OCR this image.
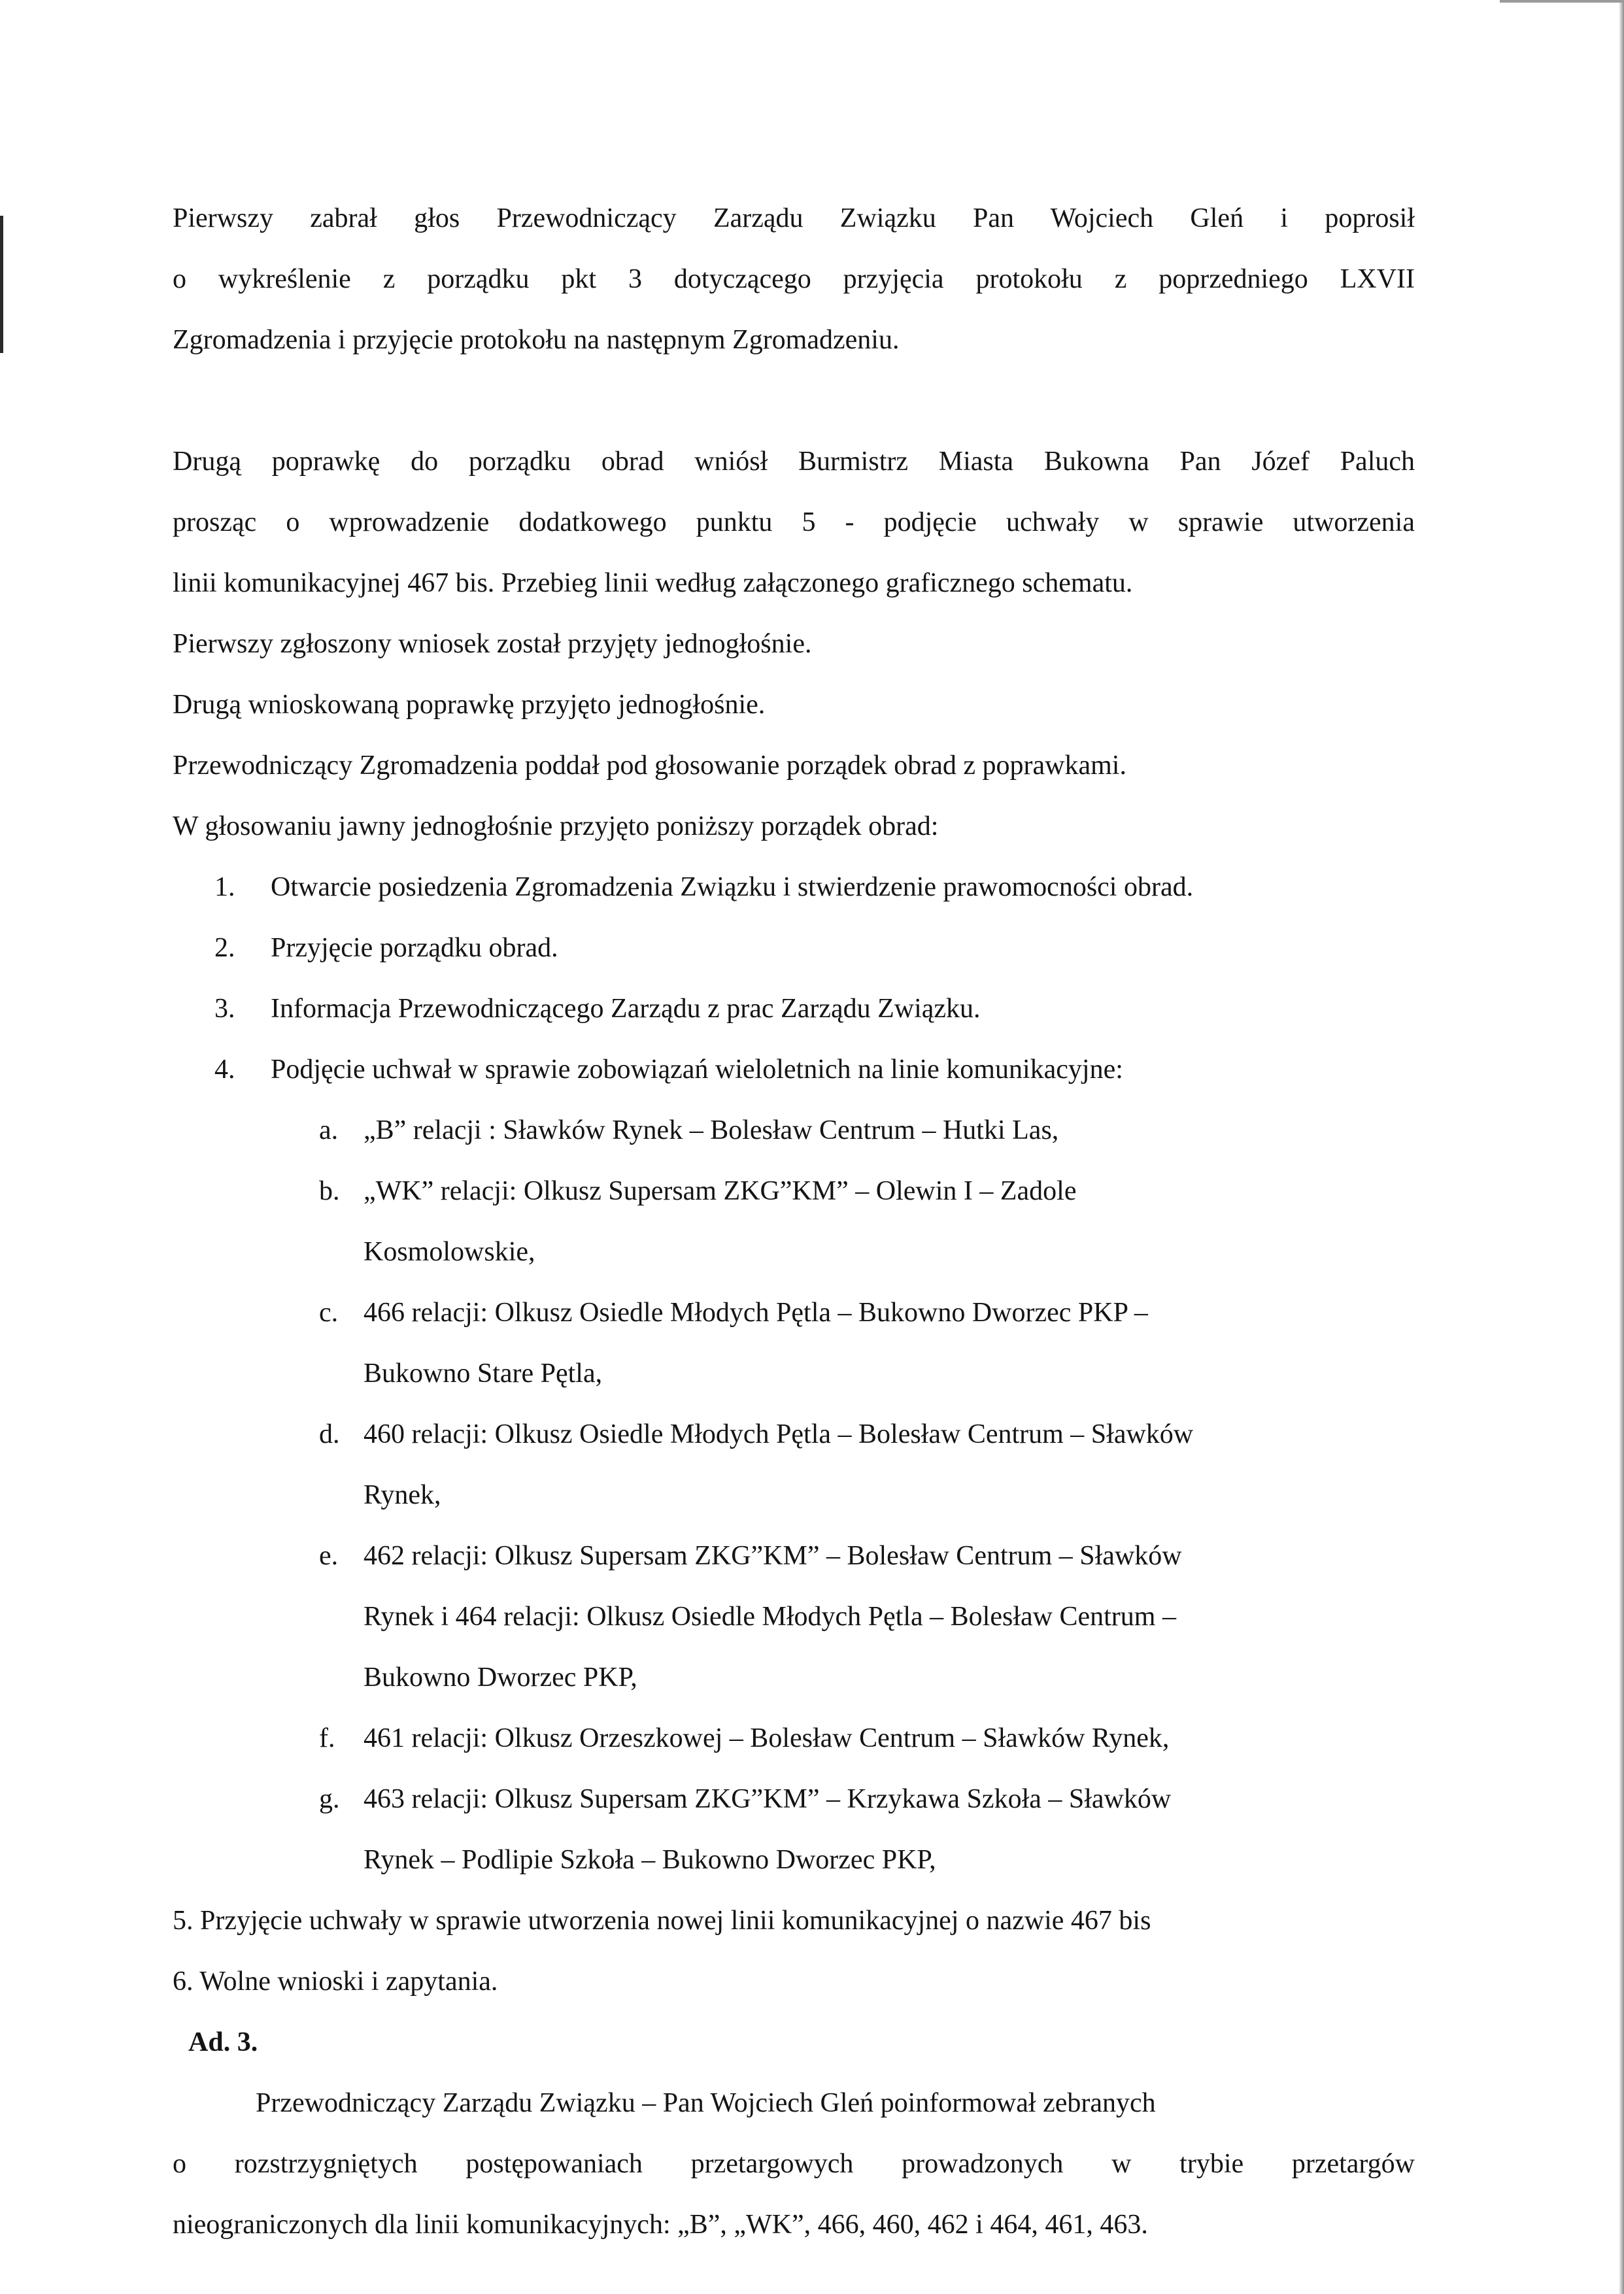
Pierwszy zabrał głos Przewodniczący Zarządu Związku Pan Wojciech Gleń i poprosił

o wykreślenie z porządku pkt 3 dotyczącego przyjęcia protokołu z poprzedniego LXVII

Zgromadzenia i przyjęcie protokołu na następnym Zgromadzeniu.

Drugą poprawkę do porządku obrad wniósł Burmistrz Miasta Bukowna Pan Józef Paluch

prosząc o wprowadzenie dodatkowego punktu 5 - podjęcie uchwały w sprawie utworzenia

linii komunikacyjnej 467 bis. Przebieg linii według załączonego graficznego schematu.

Pierwszy zgłoszony wniosek został przyjęty jednogłośnie.

Drugą wnioskowaną poprawkę przyjęto jednogłośnie.

Przewodniczący Zgromadzenia poddał pod głosowanie porządek obrad z poprawkami.

W głosowaniu jawny jednogłośnie przyjęto poniższy porządek obrad:

1. Otwarcie posiedzenia Zgromadzenia Związku i stwierdzenie prawomocności obrad.
2. Przyjęcie porządku obrad.
3. Informacja Przewodniczącego Zarządu z prac Zarządu Związku.
4. Podjęcie uchwał w sprawie zobowiązań wieloletnich na linie komunikacyjne:
a. „B” relacji : Sławków Rynek – Bolesław Centrum – Hutki Las,
b. „WK” relacji: Olkusz Supersam ZKG”KM” – Olewin I – Zadole

Kosmolowskie,

c. 466 relacji: Olkusz Osiedle Młodych Pętla – Bukowno Dworzec PKP –

Bukowno Stare Pętla,

d. 460 relacji: Olkusz Osiedle Młodych Pętla – Bolesław Centrum – Sławków

Rynek,

e. 462 relacji: Olkusz Supersam ZKG”KM” – Bolesław Centrum – Sławków

Rynek i 464 relacji: Olkusz Osiedle Młodych Pętla – Bolesław Centrum –

Bukowno Dworzec PKP,

f. 461 relacji: Olkusz Orzeszkowej – Bolesław Centrum – Sławków Rynek,
g. 463 relacji: Olkusz Supersam ZKG”KM” – Krzykawa Szkoła – Sławków

Rynek – Podlipie Szkoła – Bukowno Dworzec PKP,

5. Przyjęcie uchwały w sprawie utworzenia nowej linii komunikacyjnej o nazwie 467 bis

6. Wolne wnioski i zapytania.

Ad. 3.

Przewodniczący Zarządu Związku – Pan Wojciech Gleń poinformował zebranych

o rozstrzygniętych postępowaniach przetargowych prowadzonych w trybie przetargów

nieograniczonych dla linii komunikacyjnych: „B”, „WK”, 466, 460, 462 i 464, 461, 463.
